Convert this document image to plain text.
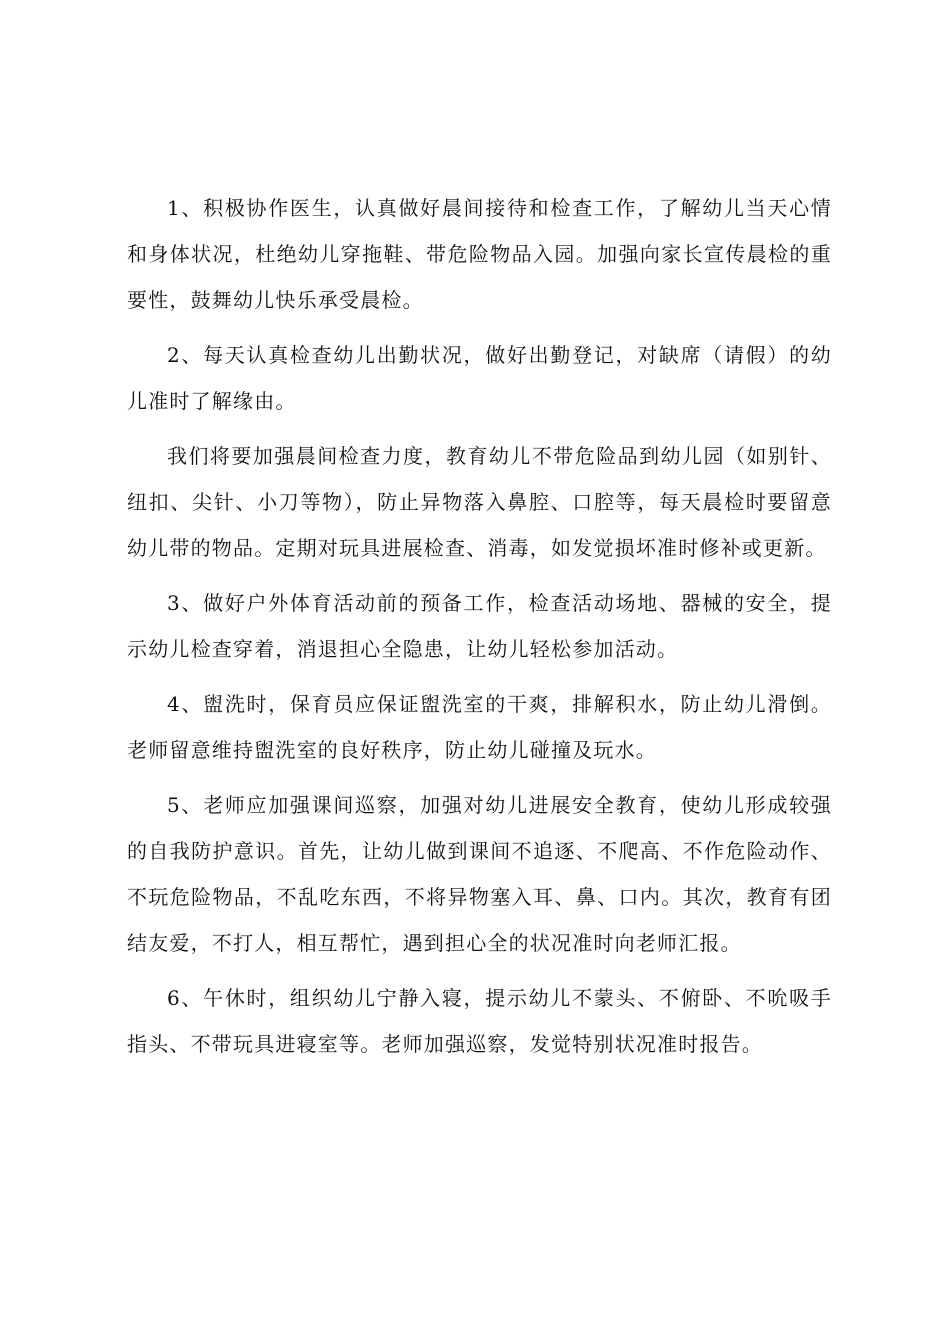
1、积极协作医生，认真做好晨间接待和检查工作，了解幼儿当天心情和身体状况，杜绝幼儿穿拖鞋、带危险物品入园。加强向家长宣传晨检的重要性，鼓舞幼儿快乐承受晨检。

2、每天认真检查幼儿出勤状况，做好出勤登记，对缺席（请假）的幼儿准时了解缘由。

我们将要加强晨间检查力度，教育幼儿不带危险品到幼儿园（如别针、纽扣、尖针、小刀等物），防止异物落入鼻腔、口腔等，每天晨检时要留意幼儿带的物品。定期对玩具进展检查、消毒，如发觉损坏准时修补或更新。

3、做好户外体育活动前的预备工作，检查活动场地、器械的安全，提示幼儿检查穿着，消退担心全隐患，让幼儿轻松参加活动。

4、盥洗时，保育员应保证盥洗室的干爽，排解积水，防止幼儿滑倒。老师留意维持盥洗室的良好秩序，防止幼儿碰撞及玩水。

5、老师应加强课间巡察，加强对幼儿进展安全教育，使幼儿形成较强的自我防护意识。首先，让幼儿做到课间不追逐、不爬高、不作危险动作、不玩危险物品，不乱吃东西，不将异物塞入耳、鼻、口内。其次，教育有团结友爱，不打人，相互帮忙，遇到担心全的状况准时向老师汇报。

6、午休时，组织幼儿宁静入寝，提示幼儿不蒙头、不俯卧、不吮吸手指头、不带玩具进寝室等。老师加强巡察，发觉特别状况准时报告。
